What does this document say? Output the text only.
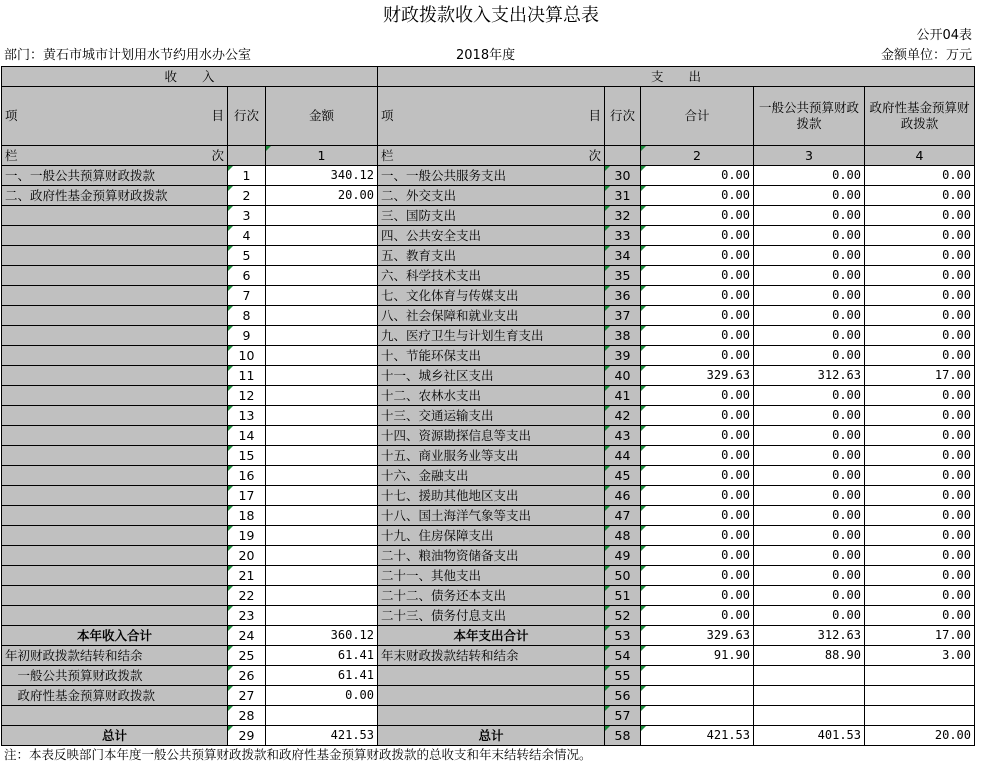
财政拨款收入支出决算总表
公开04表
部门：黄石市城市计划用水节约用水办公室	2018年度	金额单位：万元
收　　入			支　　出				

项 目	行次	金额	项 目	行次	合计	一般公共预算财政拨款	政府性基金预算财政拨款

栏 次		1	栏 次		2	3	4
一、一般公共预算财政拨款	1	340.12	一、一般公共服务支出	30	0.00	0.00	0.00
二、政府性基金预算财政拨款	2	20.00	二、外交支出	31	0.00	0.00	0.00
	3		三、国防支出	32	0.00	0.00	0.00
	4		四、公共安全支出	33	0.00	0.00	0.00
	5		五、教育支出	34	0.00	0.00	0.00
	6		六、科学技术支出	35	0.00	0.00	0.00
	7		七、文化体育与传媒支出	36	0.00	0.00	0.00
	8		八、社会保障和就业支出	37	0.00	0.00	0.00
	9		九、医疗卫生与计划生育支出	38	0.00	0.00	0.00
	10		十、节能环保支出	39	0.00	0.00	0.00
	11		十一、城乡社区支出	40	329.63	312.63	17.00
	12		十二、农林水支出	41	0.00	0.00	0.00
	13		十三、交通运输支出	42	0.00	0.00	0.00
	14		十四、资源勘探信息等支出	43	0.00	0.00	0.00
	15		十五、商业服务业等支出	44	0.00	0.00	0.00
	16		十六、金融支出	45	0.00	0.00	0.00
	17		十七、援助其他地区支出	46	0.00	0.00	0.00
	18		十八、国土海洋气象等支出	47	0.00	0.00	0.00
	19		十九、住房保障支出	48	0.00	0.00	0.00
	20		二十、粮油物资储备支出	49	0.00	0.00	0.00
	21		二十一、其他支出	50	0.00	0.00	0.00
	22		二十二、债务还本支出	51	0.00	0.00	0.00
	23		二十三、债务付息支出	52	0.00	0.00	0.00
本年收入合计	24	360.12	本年支出合计	53	329.63	312.63	17.00
年初财政拨款结转和结余	25	61.41	年末财政拨款结转和结余	54	91.90	88.90	3.00
　一般公共预算财政拨款	26	61.41		55			
　政府性基金预算财政拨款	27	0.00		56			
	28			57			
总计	29	421.53	总计	58	421.53	401.53	20.00
注：本表反映部门本年度一般公共预算财政拨款和政府性基金预算财政拨款的总收支和年末结转结余情况。
